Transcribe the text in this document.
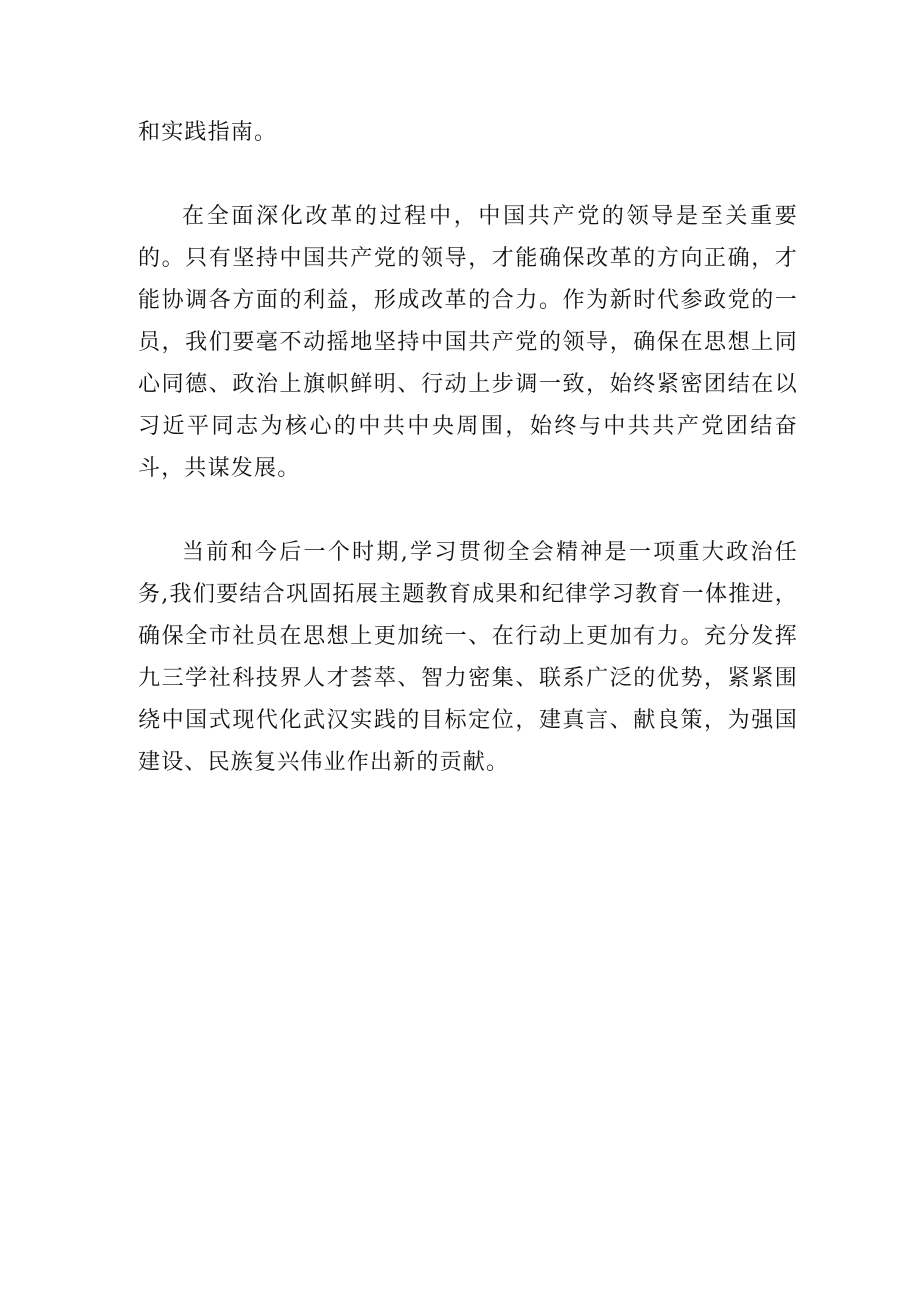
和实践指南。

在全面深化改革的过程中，中国共产党的领导是至关重要的。只有坚持中国共产党的领导，才能确保改革的方向正确，才能协调各方面的利益，形成改革的合力。作为新时代参政党的一员，我们要毫不动摇地坚持中国共产党的领导，确保在思想上同心同德、政治上旗帜鲜明、行动上步调一致，始终紧密团结在以习近平同志为核心的中共中央周围，始终与中共共产党团结奋斗，共谋发展。

当前和今后一个时期,学习贯彻全会精神是一项重大政治任务,我们要结合巩固拓展主题教育成果和纪律学习教育一体推进，确保全市社员在思想上更加统一、在行动上更加有力。充分发挥九三学社科技界人才荟萃、智力密集、联系广泛的优势，紧紧围绕中国式现代化武汉实践的目标定位，建真言、献良策，为强国建设、民族复兴伟业作出新的贡献。
